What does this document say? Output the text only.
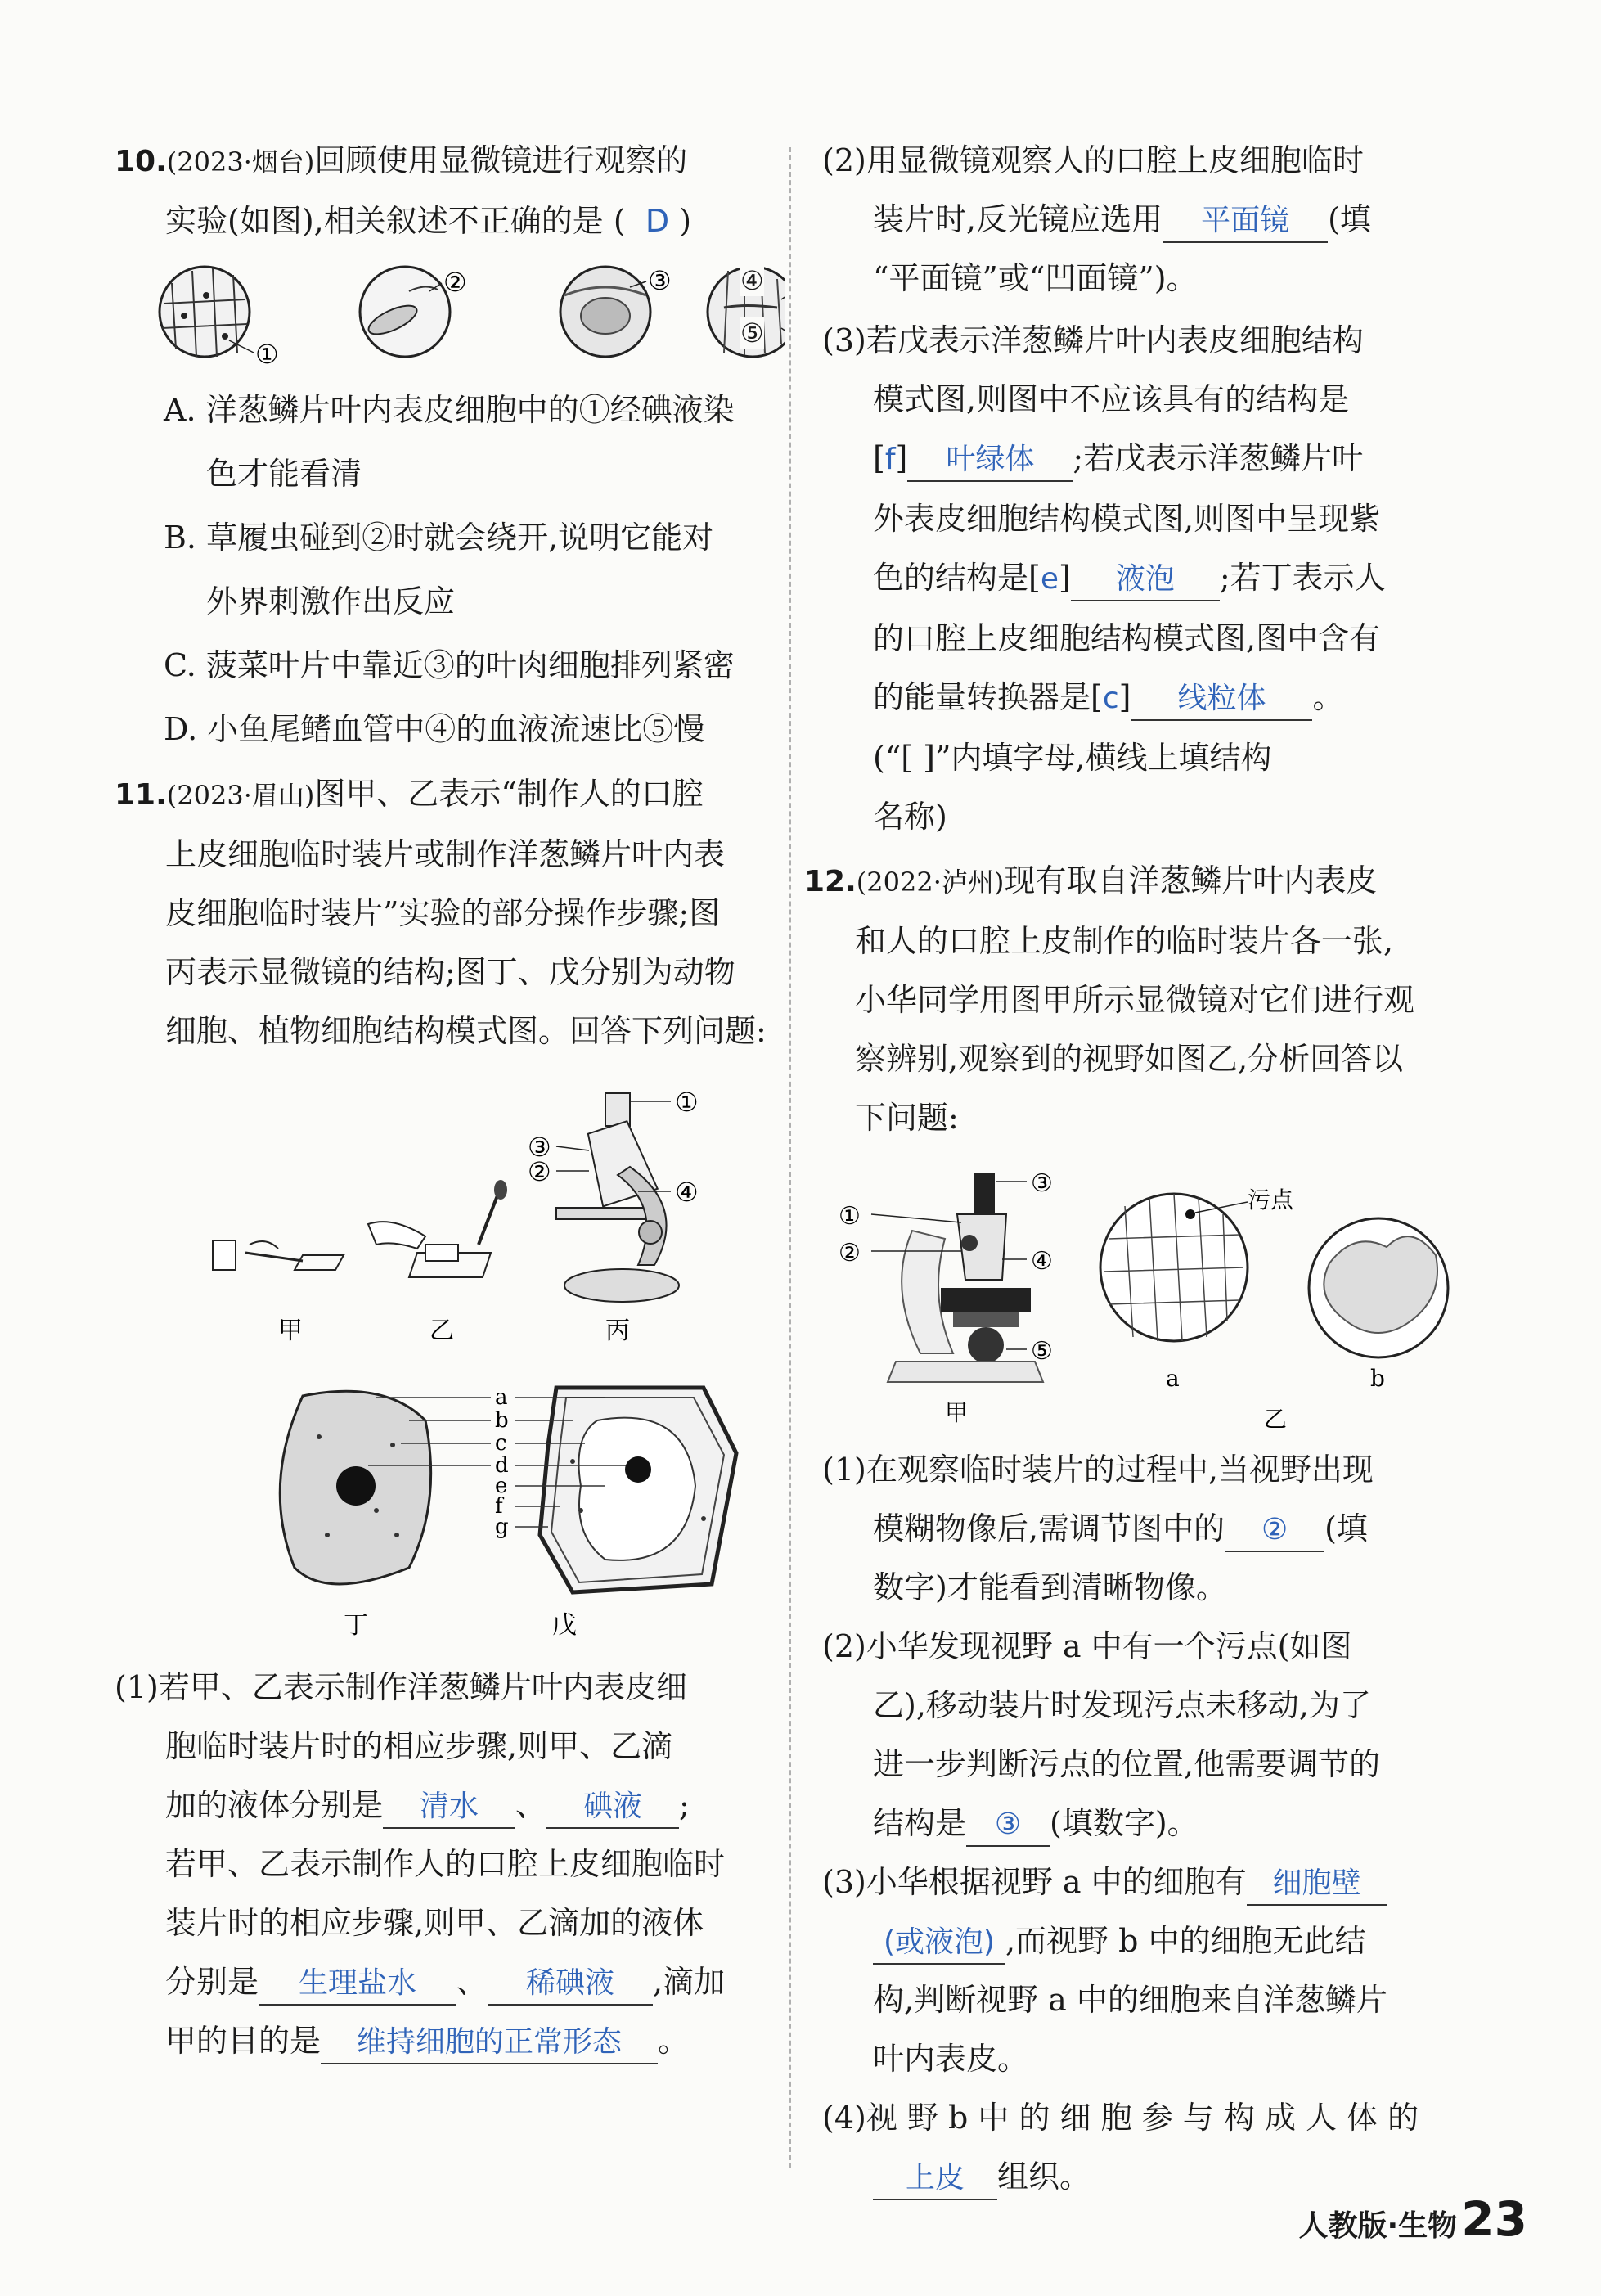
10.(2023·烟台)回顾使用显微镜进行观察的
实验(如图),相关叙述不正确的是 ( D )
①
②	③	④
⑤
A. 洋葱鳞片叶内表皮细胞中的①经碘液染
色才能看清
B. 草履虫碰到②时就会绕开,说明它能对
外界刺激作出反应
C. 菠菜叶片中靠近③的叶肉细胞排列紧密
D. 小鱼尾鳍血管中④的血液流速比⑤慢
11.(2023·眉山)图甲、乙表示“制作人的口腔
上皮细胞临时装片或制作洋葱鳞片叶内表
皮细胞临时装片”实验的部分操作步骤;图
丙表示显微镜的结构;图丁、戊分别为动物
细胞、植物细胞结构模式图。回答下列问题:
①
③
②
④
甲	乙	丙
a
b
c
d
e
f
g
丁	戊
(1)若甲、乙表示制作洋葱鳞片叶内表皮细
胞临时装片时的相应步骤,则甲、乙滴
加的液体分别是 清水 、 碘液 ;
若甲、乙表示制作人的口腔上皮细胞临时
装片时的相应步骤,则甲、乙滴加的液体
分别是 生理盐水 、 稀碘液 ,滴加
甲的目的是 维持细胞的正常形态 。
(2)用显微镜观察人的口腔上皮细胞临时
装片时,反光镜应选用 平面镜 (填
“平面镜”或“凹面镜”)。
(3)若戊表示洋葱鳞片叶内表皮细胞结构
模式图,则图中不应该具有的结构是
[f] 叶绿体 ;若戊表示洋葱鳞片叶
外表皮细胞结构模式图,则图中呈现紫
色的结构是[e] 液泡 ;若丁表示人
的口腔上皮细胞结构模式图,图中含有
的能量转换器是[c] 线粒体 。
(“[ ]”内填字母,横线上填结构
名称)
12.(2022·泸州)现有取自洋葱鳞片叶内表皮
和人的口腔上皮制作的临时装片各一张,
小华同学用图甲所示显微镜对它们进行观
察辨别,观察到的视野如图乙,分析回答以
下问题:
③
①
②	④
⑤
污点
甲
a
乙
b
(1)在观察临时装片的过程中,当视野出现
模糊物像后,需调节图中的 ② (填
数字)才能看到清晰物像。
(2)小华发现视野 a 中有一个污点(如图
乙),移动装片时发现污点未移动,为了
进一步判断污点的位置,他需要调节的
结构是 ③ (填数字)。
(3)小华根据视野 a 中的细胞有 细胞壁
(或液泡) ,而视野 b 中的细胞无此结
构,判断视野 a 中的细胞来自洋葱鳞片
叶内表皮。
(4)视 野 b 中 的 细 胞 参 与 构 成 人 体 的
上皮 组织。
人教版·生物 23
